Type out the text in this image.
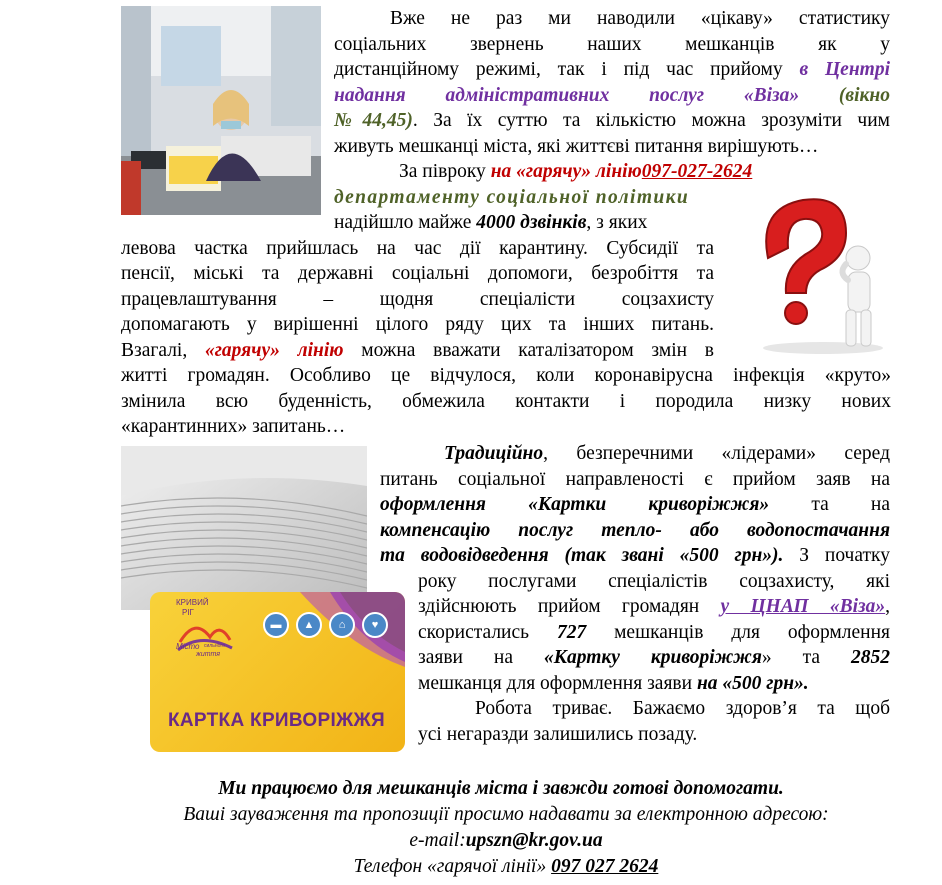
Вже не раз ми наводили «цікаву» статистику
соціальних звернень наших мешканців як у
дистанційному режимі, так і під час прийому в Центрі
надання адміністративних послуг «Віза» (вікно
№44,45). За їх суттю та кількістю можна зрозуміти чим
живуть мешканці міста, які життєві питання вирішують…
За півроку на «гарячу» лінію 097-027-2624
департаменту соціальної політики
надійшло майже 4000 дзвінків, з яких
левова частка прийшлась на час дії карантину. Субсидії та
пенсії, міські та державні соціальні допомоги, безробіття та
працевлаштування – щодня спеціалісти соцзахисту
допомагають у вирішенні цілого ряду цих та інших питань.
Взагалі, «гарячу» лінію можна вважати каталізатором змін в
житті громадян. Особливо це відчулося, коли коронавірусна інфекція «круто»
змінила всю буденність, обмежила контакти і породила низку нових
«карантинних» запитань…
КРИВИЙ
РІГ
Місто сильного
життя
▬	▲	⌂	♥
КАРТКА КРИВОРІЖЖЯ
Традиційно, безперечними «лідерами» серед
питань соціальної направленості є прийом заяв на
оформлення «Картки криворіжжя» та на
компенсацію послуг тепло- або водопостачання
та водовідведення (так звані «500 грн»). З початку
року послугами спеціалістів соцзахисту, які
здійснюють прийом громадян у ЦНАП «Віза»,
скористались 727 мешканців для оформлення
заяви на «Картку криворіжжя» та 2852
мешканця для оформлення заяви на «500 грн».
Робота триває. Бажаємо здоров’я та щоб
усі негаразди залишились позаду.
Ми працюємо для мешканців міста і завжди готові допомогати.
Ваші зауваження та пропозиції просимо надавати за електронною адресою:
e-mail:upszn@kr.gov.ua
Телефон «гарячої лінії» 097 027 2624
